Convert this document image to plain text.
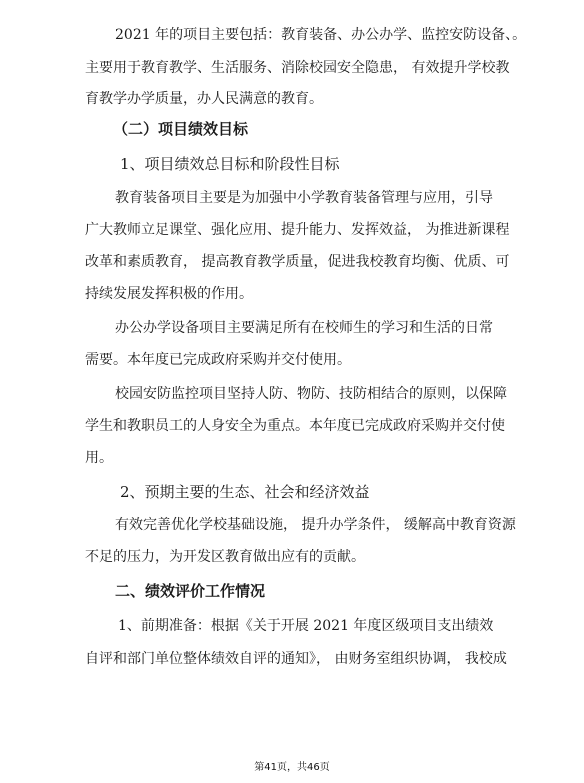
2021 年的项目主要包括：教育装备、办公办学、监控安防设备、。
主要用于教育教学、生活服务、消除校园安全隐患， 有效提升学校教
育教学办学质量，办人民满意的教育。
（二）项目绩效目标
1、项目绩效总目标和阶段性目标
教育装备项目主要是为加强中小学教育装备管理与应用，引导
广大教师立足课堂、强化应用、提升能力、发挥效益， 为推进新课程
改革和素质教育， 提高教育教学质量，促进我校教育均衡、优质、可
持续发展发挥积极的作用。
办公办学设备项目主要满足所有在校师生的学习和生活的日常
需要。本年度已完成政府采购并交付使用。
校园安防监控项目坚持人防、物防、技防相结合的原则，以保障
学生和教职员工的人身安全为重点。本年度已完成政府采购并交付使
用。
2、预期主要的生态、社会和经济效益
有效完善优化学校基础设施， 提升办学条件， 缓解高中教育资源
不足的压力，为开发区教育做出应有的贡献。
二、绩效评价工作情况
1、前期准备：根据《关于开展 2021 年度区级项目支出绩效
自评和部门单位整体绩效自评的通知》， 由财务室组织协调， 我校成
第41页，共46页
